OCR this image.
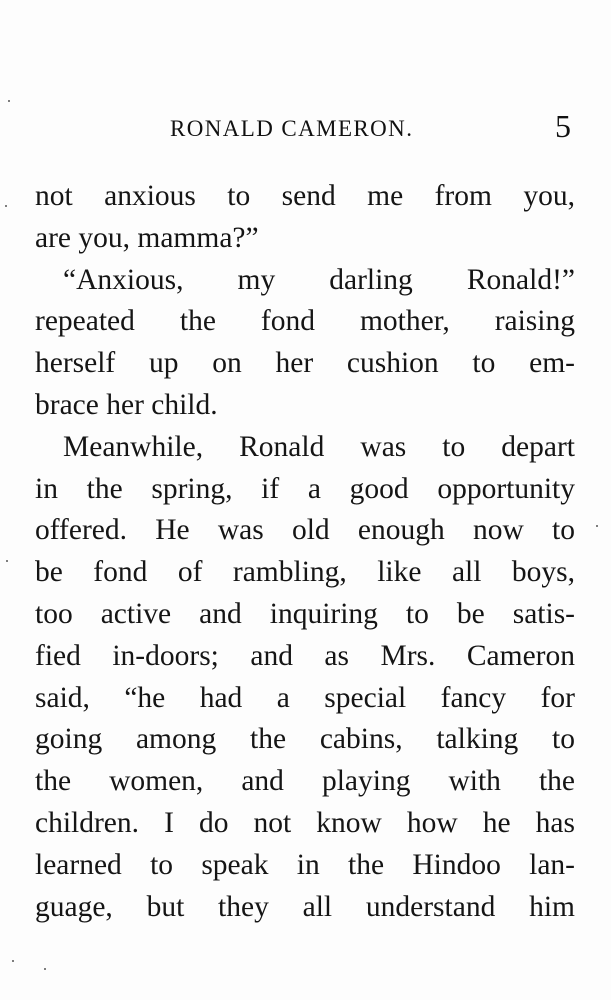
RONALD CAMERON.	5
not anxious to send me from you,
are you, mamma?”
“Anxious, my darling Ronald!”
repeated the fond mother, raising
herself up on her cushion to em-
brace her child.
Meanwhile, Ronald was to depart
in the spring, if a good opportunity
offered. He was old enough now to
be fond of rambling, like all boys,
too active and inquiring to be satis-
fied in-doors; and as Mrs. Cameron
said, “he had a special fancy for
going among the cabins, talking to
the women, and playing with the
children. I do not know how he has
learned to speak in the Hindoo lan-
guage, but they all understand him
